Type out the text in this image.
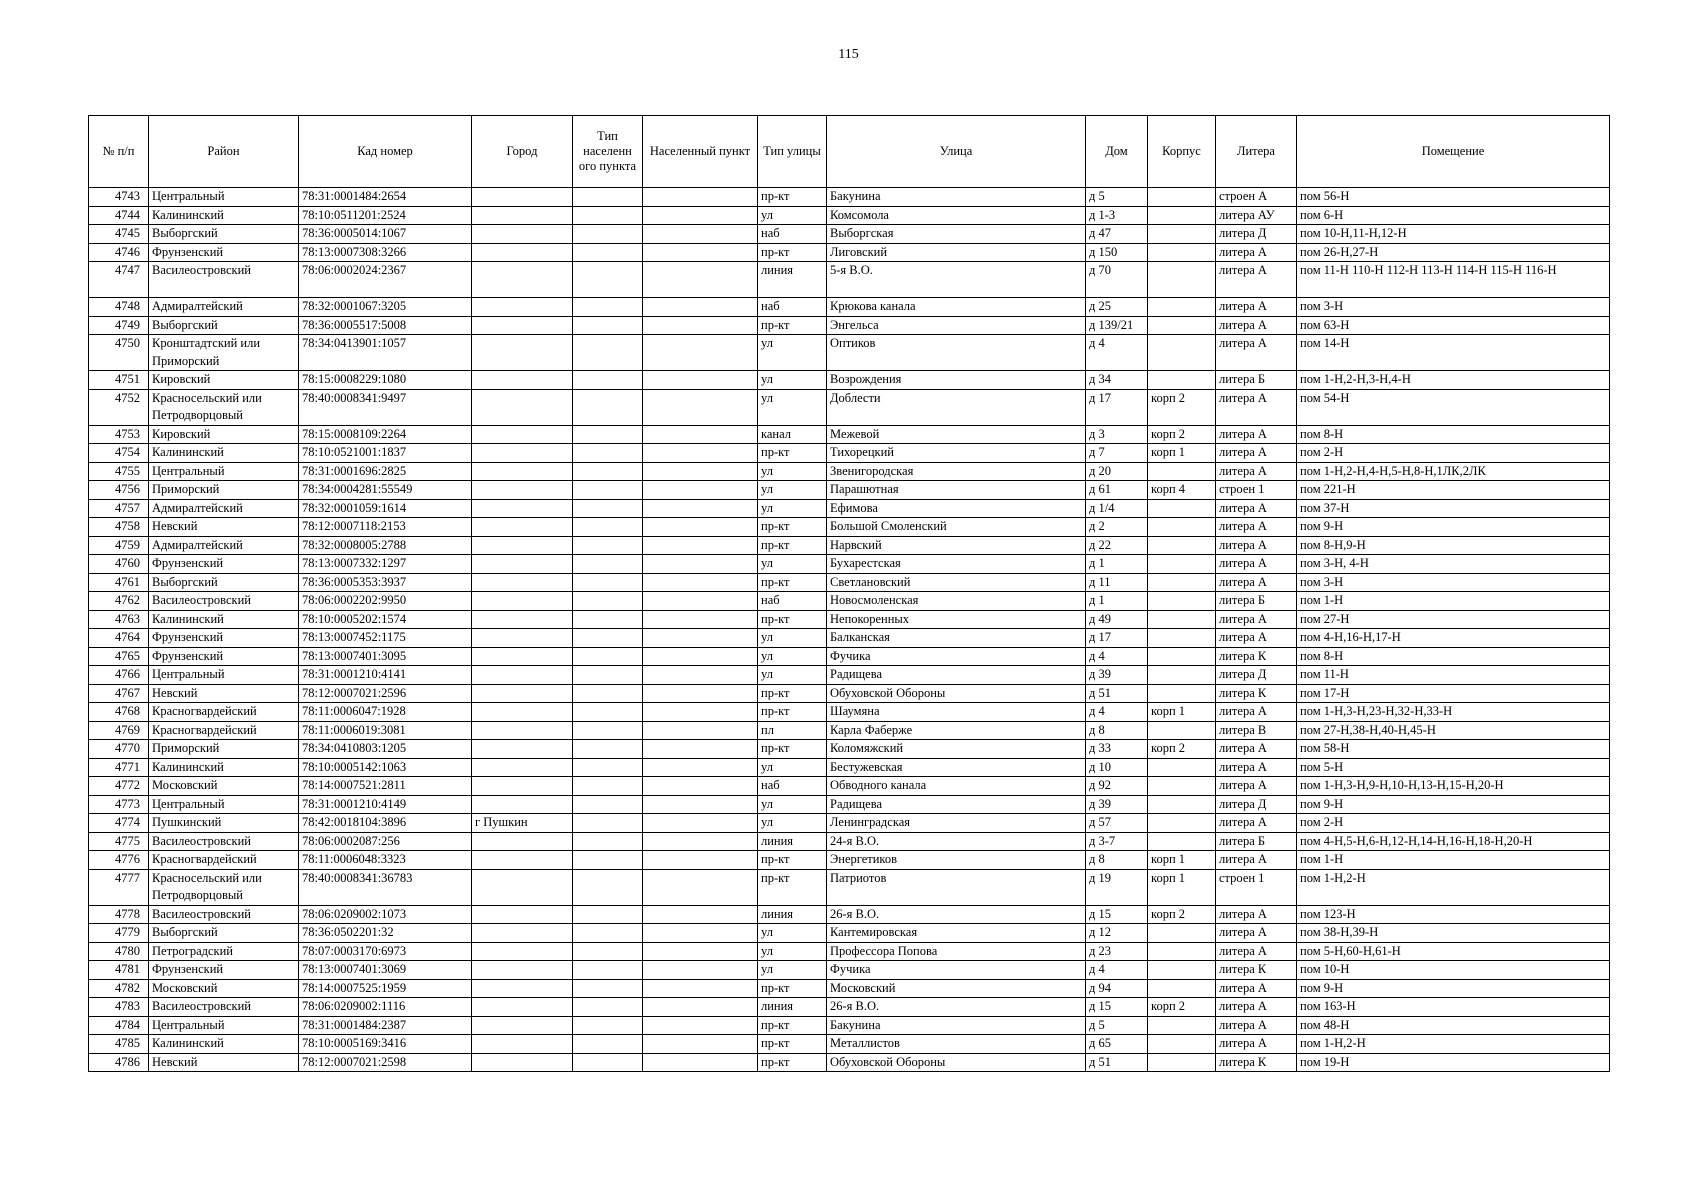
115
№ п/п	Район	Кад номер	Город	Тип населенн ого пункта	Населенный пункт	Тип улицы	Улица	Дом	Корпус	Литера	Помещение
4743	Центральный	78:31:0001484:2654				пр-кт	Бакунина	д 5		строен А	пом 56-Н
4744	Калининский	78:10:0511201:2524				ул	Комсомола	д 1-3		литера АУ	пом 6-Н
4745	Выборгский	78:36:0005014:1067				наб	Выборгская	д 47		литера Д	пом 10-Н,11-Н,12-Н
4746	Фрунзенский	78:13:0007308:3266				пр-кт	Лиговский	д 150		литера А	пом 26-Н,27-Н
4747	Василеостровский	78:06:0002024:2367				линия	5-я В.О.	д 70		литера А	пом 11-Н 110-Н 112-Н 113-Н 114-Н 115-Н 116-Н
4748	Адмиралтейский	78:32:0001067:3205				наб	Крюкова канала	д 25		литера А	пом 3-Н
4749	Выборгский	78:36:0005517:5008				пр-кт	Энгельса	д 139/21		литера А	пом 63-Н
4750	Кронштадтский или Приморский	78:34:0413901:1057				ул	Оптиков	д 4		литера А	пом 14-Н
4751	Кировский	78:15:0008229:1080				ул	Возрождения	д 34		литера Б	пом 1-Н,2-Н,3-Н,4-Н
4752	Красносельский или Петродворцовый	78:40:0008341:9497				ул	Доблести	д 17	корп 2	литера А	пом 54-Н
4753	Кировский	78:15:0008109:2264				канал	Межевой	д 3	корп 2	литера А	пом 8-Н
4754	Калининский	78:10:0521001:1837				пр-кт	Тихорецкий	д 7	корп 1	литера А	пом 2-Н
4755	Центральный	78:31:0001696:2825				ул	Звенигородская	д 20		литера А	пом 1-Н,2-Н,4-Н,5-Н,8-Н,1ЛК,2ЛК
4756	Приморский	78:34:0004281:55549				ул	Парашютная	д 61	корп 4	строен 1	пом 221-Н
4757	Адмиралтейский	78:32:0001059:1614				ул	Ефимова	д 1/4		литера А	пом 37-Н
4758	Невский	78:12:0007118:2153				пр-кт	Большой Смоленский	д 2		литера А	пом 9-Н
4759	Адмиралтейский	78:32:0008005:2788				пр-кт	Нарвский	д 22		литера А	пом 8-Н,9-Н
4760	Фрунзенский	78:13:0007332:1297				ул	Бухарестская	д 1		литера А	пом 3-Н, 4-Н
4761	Выборгский	78:36:0005353:3937				пр-кт	Светлановский	д 11		литера А	пом 3-Н
4762	Василеостровский	78:06:0002202:9950				наб	Новосмоленская	д 1		литера Б	пом 1-Н
4763	Калининский	78:10:0005202:1574				пр-кт	Непокоренных	д 49		литера А	пом 27-Н
4764	Фрунзенский	78:13:0007452:1175				ул	Балканская	д 17		литера А	пом 4-Н,16-Н,17-Н
4765	Фрунзенский	78:13:0007401:3095				ул	Фучика	д 4		литера К	пом 8-Н
4766	Центральный	78:31:0001210:4141				ул	Радищева	д 39		литера Д	пом 11-Н
4767	Невский	78:12:0007021:2596				пр-кт	Обуховской Обороны	д 51		литера К	пом 17-Н
4768	Красногвардейский	78:11:0006047:1928				пр-кт	Шаумяна	д 4	корп 1	литера А	пом 1-Н,3-Н,23-Н,32-Н,33-Н
4769	Красногвардейский	78:11:0006019:3081				пл	Карла Фаберже	д 8		литера В	пом 27-Н,38-Н,40-Н,45-Н
4770	Приморский	78:34:0410803:1205				пр-кт	Коломяжский	д 33	корп 2	литера А	пом 58-Н
4771	Калининский	78:10:0005142:1063				ул	Бестужевская	д 10		литера А	пом 5-Н
4772	Московский	78:14:0007521:2811				наб	Обводного канала	д 92		литера А	пом 1-Н,3-Н,9-Н,10-Н,13-Н,15-Н,20-Н
4773	Центральный	78:31:0001210:4149				ул	Радищева	д 39		литера Д	пом 9-Н
4774	Пушкинский	78:42:0018104:3896	г Пушкин			ул	Ленинградская	д 57		литера А	пом 2-Н
4775	Василеостровский	78:06:0002087:256				линия	24-я В.О.	д 3-7		литера Б	пом 4-Н,5-Н,6-Н,12-Н,14-Н,16-Н,18-Н,20-Н
4776	Красногвардейский	78:11:0006048:3323				пр-кт	Энергетиков	д 8	корп 1	литера А	пом 1-Н
4777	Красносельский или Петродворцовый	78:40:0008341:36783				пр-кт	Патриотов	д 19	корп 1	строен 1	пом 1-Н,2-Н
4778	Василеостровский	78:06:0209002:1073				линия	26-я В.О.	д 15	корп 2	литера А	пом 123-Н
4779	Выборгский	78:36:0502201:32				ул	Кантемировская	д 12		литера А	пом 38-Н,39-Н
4780	Петроградский	78:07:0003170:6973				ул	Профессора Попова	д 23		литера А	пом 5-Н,60-Н,61-Н
4781	Фрунзенский	78:13:0007401:3069				ул	Фучика	д 4		литера К	пом 10-Н
4782	Московский	78:14:0007525:1959				пр-кт	Московский	д 94		литера А	пом 9-Н
4783	Василеостровский	78:06:0209002:1116				линия	26-я В.О.	д 15	корп 2	литера А	пом 163-Н
4784	Центральный	78:31:0001484:2387				пр-кт	Бакунина	д 5		литера А	пом 48-Н
4785	Калининский	78:10:0005169:3416				пр-кт	Металлистов	д 65		литера А	пом 1-Н,2-Н
4786	Невский	78:12:0007021:2598				пр-кт	Обуховской Обороны	д 51		литера К	пом 19-Н
